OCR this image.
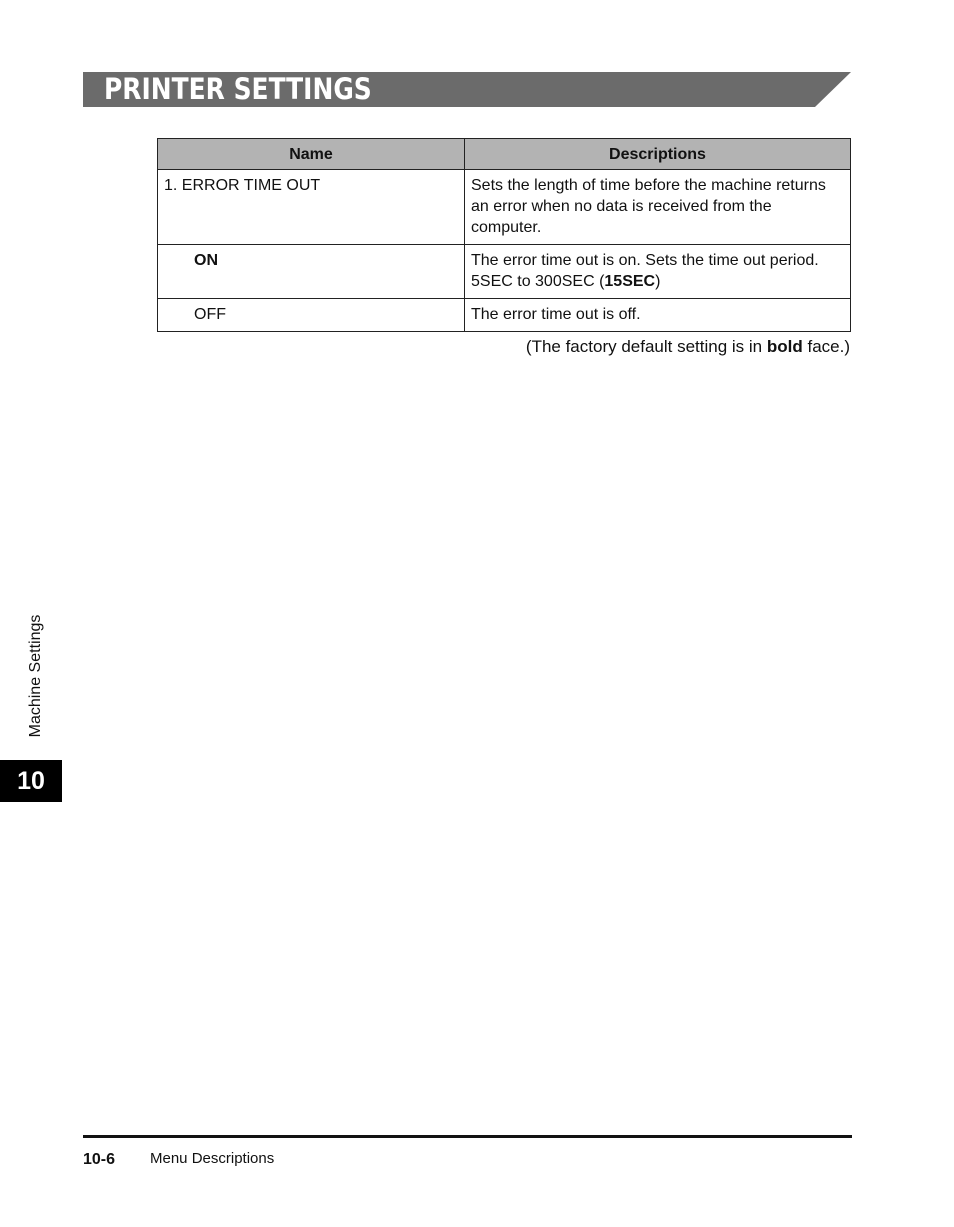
PRINTER SETTINGS
Name	Descriptions
1. ERROR TIME OUT	Sets the length of time before the machine returns an error when no data is received from the computer.
ON	The error time out is on. Sets the time out period.
5SEC to 300SEC (15SEC)
OFF	The error time out is off.
(The factory default setting is in bold face.)
Machine Settings
10
10-6 Menu Descriptions
